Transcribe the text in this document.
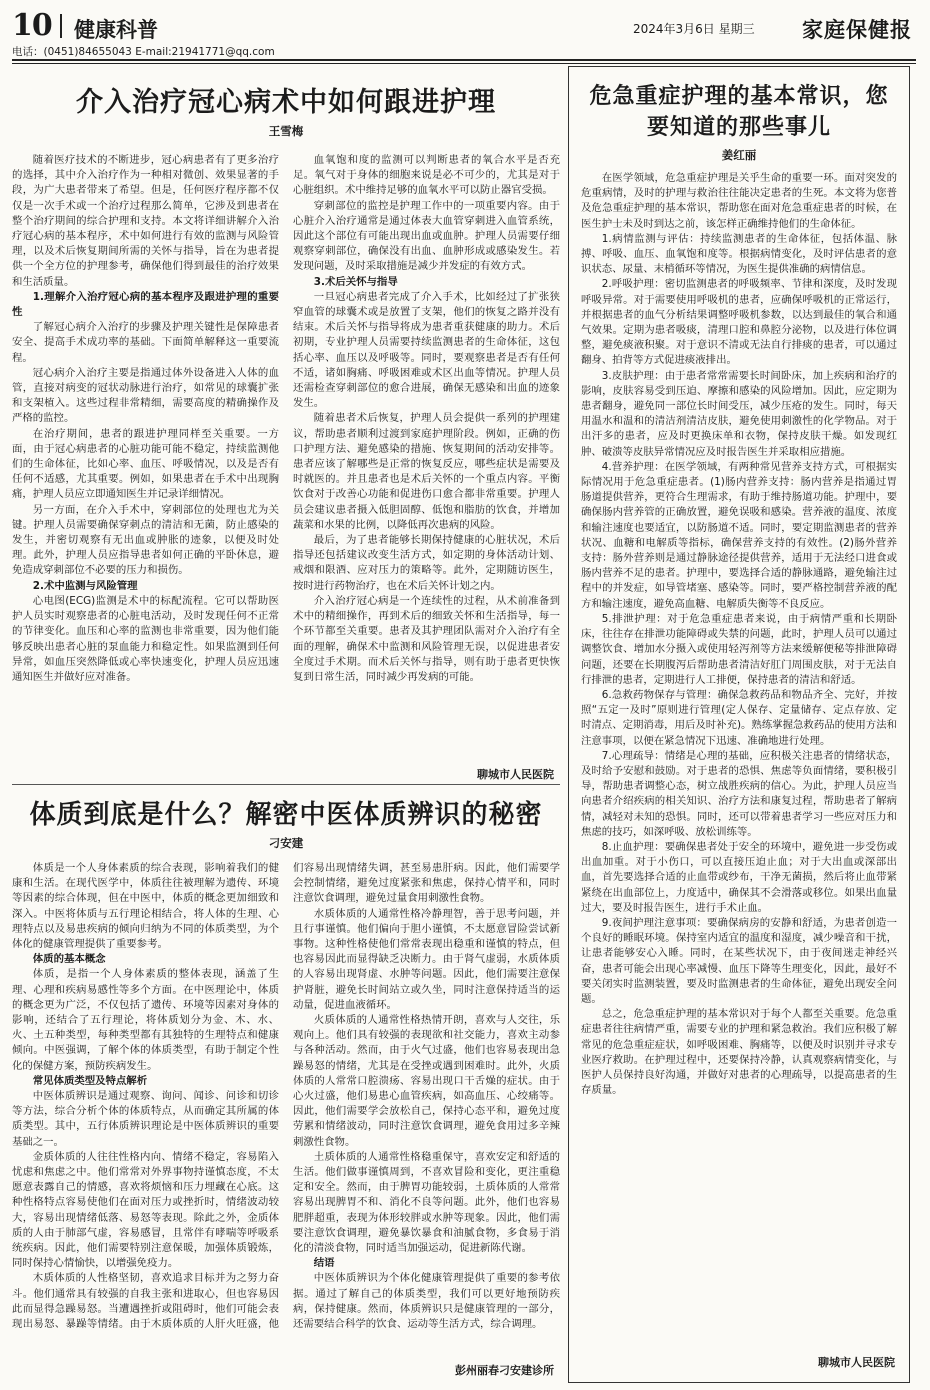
10 健康科普	2024年3月6日 星期三 家庭保健报
电话：(0451)84655043 E-mail:21941771@qq.com
介入治疗冠心病术中如何跟进护理
王雪梅

随着医疗技术的不断进步，冠心病患者有了更多治疗的选择，其中介入治疗作为一种相对微创、效果显著的手段，为广大患者带来了希望。但是，任何医疗程序都不仅仅是一次手术或一个治疗过程那么简单，它涉及到患者在整个治疗期间的综合护理和支持。本文将详细讲解介入治疗冠心病的基本程序，术中如何进行有效的监测与风险管理，以及术后恢复期间所需的关怀与指导，旨在为患者提供一个全方位的护理参考，确保他们得到最佳的治疗效果和生活质量。

1.理解介入治疗冠心病的基本程序及跟进护理的重要性

了解冠心病介入治疗的步骤及护理关键性是保障患者安全、提高手术成功率的基础。下面简单解释这一重要流程。

冠心病介入治疗主要是指通过体外设备进入人体的血管，直接对病变的冠状动脉进行治疗，如常见的球囊扩张和支架植入。这些过程非常精细，需要高度的精确操作及严格的监控。

在治疗期间，患者的跟进护理同样至关重要。一方面，由于冠心病患者的心脏功能可能不稳定，持续监测他们的生命体征，比如心率、血压、呼吸情况，以及是否有任何不适感，尤其重要。例如，如果患者在手术中出现胸痛，护理人员应立即通知医生并记录详细情况。

另一方面，在介入手术中，穿刺部位的处理也尤为关键。护理人员需要确保穿刺点的清洁和无菌，防止感染的发生，并密切观察有无出血或肿胀的迹象，以便及时处理。此外，护理人员应指导患者如何正确的平卧休息，避免造成穿刺部位不必要的压力和损伤。

2.术中监测与风险管理

心电图(ECG)监测是术中的标配流程。它可以帮助医护人员实时观察患者的心脏电活动，及时发现任何不正常的节律变化。血压和心率的监测也非常重要，因为他们能够反映出患者心脏的泵血能力和稳定性。如果监测到任何异常，如血压突然降低或心率快速变化，护理人员应迅速通知医生并做好应对准备。

血氧饱和度的监测可以判断患者的氧合水平是否充足。氧气对于身体的细胞来说是必不可少的，尤其是对于心脏组织。术中维持足够的血氧水平可以防止器官受损。

穿刺部位的监控是护理工作中的一项重要内容。由于心脏介入治疗通常是通过体表大血管穿刺进入血管系统，因此这个部位有可能出现出血或血肿。护理人员需要仔细观察穿刺部位，确保没有出血、血肿形成或感染发生。若发现问题，及时采取措施是减少并发症的有效方式。

3.术后关怀与指导

一旦冠心病患者完成了介入手术，比如经过了扩张狭窄血管的球囊术或是放置了支架，他们的恢复之路并没有结束。术后关怀与指导将成为患者重获健康的助力。术后初期，专业护理人员需要持续监测患者的生命体征，这包括心率、血压以及呼吸等。同时，要观察患者是否有任何不适，诸如胸痛、呼吸困难或术区出血等情况。护理人员还需检查穿刺部位的愈合进展，确保无感染和出血的迹象发生。

随着患者术后恢复，护理人员会提供一系列的护理建议，帮助患者顺利过渡到家庭护理阶段。例如，正确的伤口护理方法、避免感染的措施、恢复期间的活动安排等。患者应该了解哪些是正常的恢复反应，哪些症状是需要及时就医的。并且患者也是术后关怀的一个重点内容。平衡饮食对于改善心功能和促进伤口愈合都非常重要。护理人员会建议患者摄入低胆固醇、低饱和脂肪的饮食，并增加蔬菜和水果的比例，以降低再次患病的风险。

最后，为了患者能够长期保持健康的心脏状况，术后指导还包括建议改变生活方式，如定期的身体活动计划、戒烟和限酒、应对压力的策略等。此外，定期随访医生，按时进行药物治疗，也在术后关怀计划之内。

介入治疗冠心病是一个连续性的过程，从术前准备到术中的精细操作，再到术后的细致关怀和生活指导，每一个环节都至关重要。患者及其护理团队需对介入治疗有全面的理解，确保术中监测和风险管理无误，以促进患者安全度过手术期。而术后关怀与指导，则有助于患者更快恢复到日常生活，同时减少再发病的可能。

聊城市人民医院
体质到底是什么？解密中医体质辨识的秘密
刁安建

体质是一个人身体素质的综合表现，影响着我们的健康和生活。在现代医学中，体质往往被理解为遗传、环境等因素的综合体现，但在中医中，体质的概念更加细致和深入。中医将体质与五行理论相结合，将人体的生理、心理特点以及易患疾病的倾向归纳为不同的体质类型，为个体化的健康管理提供了重要参考。

体质的基本概念

体质，是指一个人身体素质的整体表现，涵盖了生理、心理和疾病易感性等多个方面。在中医理论中，体质的概念更为广泛，不仅包括了遗传、环境等因素对身体的影响，还结合了五行理论，将体质划分为金、木、水、火、土五种类型，每种类型都有其独特的生理特点和健康倾向。中医强调，了解个体的体质类型，有助于制定个性化的保健方案，预防疾病发生。

常见体质类型及特点解析

中医体质辨识是通过观察、询问、闻诊、问诊和切诊等方法，综合分析个体的体质特点，从而确定其所属的体质类型。其中，五行体质辨识理论是中医体质辨识的重要基础之一。

金质体质的人往往性格内向、情绪不稳定，容易陷入忧虑和焦虑之中。他们常常对外界事物持谨慎态度，不太愿意表露自己的情感，喜欢将烦恼和压力埋藏在心底。这种性格特点容易使他们在面对压力或挫折时，情绪波动较大，容易出现情绪低落、易怒等表现。除此之外，金质体质的人由于肺部气虚，容易感冒，且常伴有哮喘等呼吸系统疾病。因此，他们需要特别注意保暖，加强体质锻炼，同时保持心情愉快，以增强免疫力。

木质体质的人性格坚韧，喜欢追求目标并为之努力奋斗。他们通常具有较强的自我主张和进取心，但也容易因此而显得急躁易怒。当遭遇挫折或阻碍时，他们可能会表现出易怒、暴躁等情绪。由于木质体质的人肝火旺盛，他们容易出现情绪失调，甚至易患肝病。因此，他们需要学会控制情绪，避免过度紧张和焦虑，保持心情平和，同时注意饮食调理，避免过量食用刺激性食物。

水质体质的人通常性格冷静理智，善于思考问题，并且行事谨慎。他们偏向于胆小谨慎，不太愿意冒险尝试新事物。这种性格使他们常常表现出稳重和谨慎的特点，但也容易因此而显得缺乏决断力。由于肾气虚弱，水质体质的人容易出现肾虚、水肿等问题。因此，他们需要注意保护肾脏，避免长时间站立或久坐，同时注意保持适当的运动量，促进血液循环。

火质体质的人通常性格热情开朗，喜欢与人交往，乐观向上。他们具有较强的表现欲和社交能力，喜欢主动参与各种活动。然而，由于火气过盛，他们也容易表现出急躁易怒的情绪，尤其是在受挫或遇到困难时。此外，火质体质的人常常口腔溃疡、容易出现口干舌燥的症状。由于心火过盛，他们易患心血管疾病，如高血压、心绞痛等。因此，他们需要学会放松自己，保持心态平和，避免过度劳累和情绪波动，同时注意饮食调理，避免食用过多辛辣刺激性食物。

土质体质的人通常性格稳重保守，喜欢安定和舒适的生活。他们做事谨慎周到，不喜欢冒险和变化，更注重稳定和安全。然而，由于脾胃功能较弱，土质体质的人常常容易出现脾胃不和、消化不良等问题。此外，他们也容易肥胖超重，表现为体形较胖或水肿等现象。因此，他们需要注意饮食调理，避免暴饮暴食和油腻食物，多食易于消化的清淡食物，同时适当加强运动，促进新陈代谢。

结语

中医体质辨识为个体化健康管理提供了重要的参考依据。通过了解自己的体质类型，我们可以更好地预防疾病，保持健康。然而，体质辨识只是健康管理的一部分，还需要结合科学的饮食、运动等生活方式，综合调理。

彭州丽春刁安建诊所
危急重症护理的基本常识，您要知道的那些事儿
姜红丽

在医学领域，危急重症护理是关乎生命的重要一环。面对突发的危重病情，及时的护理与救治往往能决定患者的生死。本文将为您普及危急重症护理的基本常识，帮助您在面对危急重症患者的时候，在医生护士未及时到达之前，该怎样正确维持他们的生命体征。

1.病情监测与评估：持续监测患者的生命体征，包括体温、脉搏、呼吸、血压、血氧饱和度等。根据病情变化，及时评估患者的意识状态、尿量、末梢循环等情况，为医生提供准确的病情信息。

2.呼吸护理：密切监测患者的呼吸频率、节律和深度，及时发现呼吸异常。对于需要使用呼吸机的患者，应确保呼吸机的正常运行，并根据患者的血气分析结果调整呼吸机参数，以达到最佳的氧合和通气效果。定期为患者吸痰，清理口腔和鼻腔分泌物，以及进行体位调整，避免痰液积聚。对于意识不清或无法自行排痰的患者，可以通过翻身、拍背等方式促进痰液排出。

3.皮肤护理：由于患者常常需要长时间卧床，加上疾病和治疗的影响，皮肤容易受到压迫、摩擦和感染的风险增加。因此，应定期为患者翻身，避免同一部位长时间受压，减少压疮的发生。同时，每天用温水和温和的清洁剂清洁皮肤，避免使用刺激性的化学物品。对于出汗多的患者，应及时更换床单和衣物，保持皮肤干燥。如发现红肿、破溃等皮肤异常情况应及时报告医生并采取相应措施。

4.营养护理：在医学领域，有两种常见营养支持方式，可根据实际情况用于危急重症患者。(1)肠内营养支持：肠内营养是指通过胃肠道提供营养，更符合生理需求，有助于维持肠道功能。护理中，要确保肠内营养管的正确放置，避免误吸和感染。营养液的温度、浓度和输注速度也要适宜，以防肠道不适。同时，要定期监测患者的营养状况、血糖和电解质等指标，确保营养支持的有效性。(2)肠外营养支持：肠外营养则是通过静脉途径提供营养，适用于无法经口进食或肠内营养不足的患者。护理中，要选择合适的静脉通路，避免输注过程中的并发症，如导管堵塞、感染等。同时，要严格控制营养液的配方和输注速度，避免高血糖、电解质失衡等不良反应。

5.排泄护理：对于危急重症患者来说，由于病情严重和长期卧床，往往存在排泄功能障碍或失禁的问题，此时，护理人员可以通过调整饮食、增加水分摄入或使用轻泻剂等方法来缓解便秘等排泄障碍问题，还要在长期腹泻后帮助患者清洁好肛门周围皮肤，对于无法自行排泄的患者，定期进行人工排便，保持患者的清洁和舒适。

6.急救药物保存与管理：确保急救药品和物品齐全、完好，并按照“五定一及时”原则进行管理(定人保存、定量储存、定点存放、定时清点、定期消毒，用后及时补充)。熟练掌握急救药品的使用方法和注意事项，以便在紧急情况下迅速、准确地进行处理。

7.心理疏导：情绪是心理的基础，应积极关注患者的情绪状态，及时给予安慰和鼓励。对于患者的恐惧、焦虑等负面情绪，要积极引导，帮助患者调整心态，树立战胜疾病的信心。为此，护理人员应当向患者介绍疾病的相关知识、治疗方法和康复过程，帮助患者了解病情，减轻对未知的恐惧。同时，还可以带着患者学习一些应对压力和焦虑的技巧，如深呼吸、放松训练等。

8.止血护理：要确保患者处于安全的环境中，避免进一步受伤或出血加重。对于小伤口，可以直接压迫止血；对于大出血或深部出血，首先要选择合适的止血带或纱布，干净无菌损，然后将止血带紧紧绕在出血部位上，力度适中，确保其不会滑落或移位。如果出血量过大，要及时报告医生，进行手术止血。

9.夜间护理注意事项：要确保病房的安静和舒适，为患者创造一个良好的睡眠环境。保持室内适宜的温度和湿度，减少噪音和干扰，让患者能够安心入睡。同时，在某些状况下，由于夜间迷走神经兴奋，患者可能会出现心率减慢、血压下降等生理变化，因此，最好不要关闭实时监测装置，要及时监测患者的生命体征，避免出现安全问题。

总之，危急重症护理的基本常识对于每个人都至关重要。危急重症患者往往病情严重，需要专业的护理和紧急救治。我们应积极了解常见的危急重症症状，如呼吸困难、胸痛等，以便及时识别并寻求专业医疗救助。在护理过程中，还要保持冷静，认真观察病情变化，与医护人员保持良好沟通，并做好对患者的心理疏导，以提高患者的生存质量。

聊城市人民医院
